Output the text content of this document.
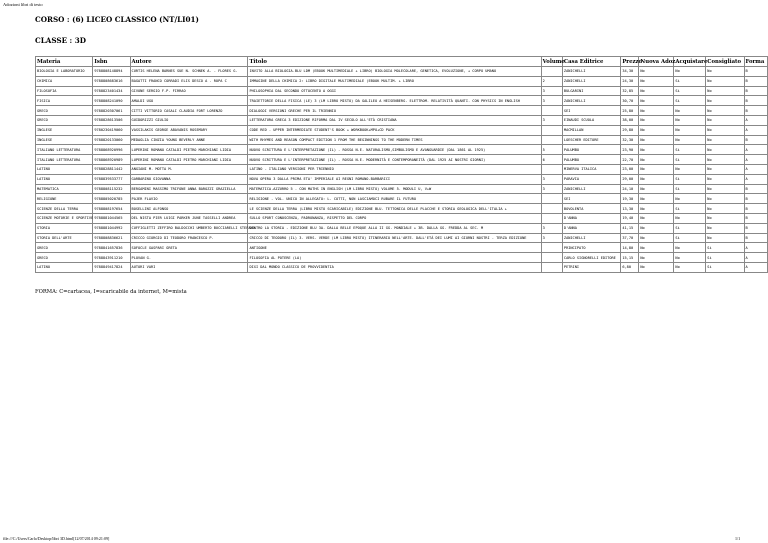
Adozioni libri di testo
CORSO : (6) LICEO CLASSICO (NT/LI01)
CLASSE : 3D
Materia	Isbn	Autore	Titolo	Volume	Casa Editrice	Prezzo	Nuova Adoz.	Acquistare	Consigliato	Forma
BIOLOGIA E LABORATORIO	9788808148894	CURTIS HELENA BARNES SUE N. SCHNEK A. - FLORES G.	INVITO ALLA BIOLOGIA.BLU LDM (EBOOK MULTIMEDIALE + LIBRO) BIOLOGIA MOLECOLARE, GENETICA, EVOLUZIONE, + CORPO UMANO		ZANICHELLI	34,30	No	No	No	B
CHIMICA	9788808683616	BAGATTI FRANCO CORRADI ELIS DESCO A - ROPA C	IMMAGINE DELLA CHIMICA 2: LIBRO DIGITALE MULTIMEDIALE (EBOOK MULTIM. + LIBRO	2	ZANICHELLI	24,30	No	Si	No	B
FILOSOFIA	9788823401434	GIVONE SERGIO F.P. FIRRAO	PHILOSOPHIA DAL SECONDO OTTOCENTO A OGGI	3	BULGARINI	32,85	No	Si	No	B
FISICA	9788808241090	AMALDI UGO	TRAIETTORIE DELLA FISICA (LE) 3 (LM LIBRO MISTO) DA GALILEO A HEISENBERG. ELETTROM. RELATIVITÀ QUANTI. CON PHYSICS IN ENGLISH	3	ZANICHELLI	30,70	No	Si	No	B
GRECO	9788820307061	CITTI VITTORIO CASALI CLAUDIA FORT LORENZO	DIALOGOI VERSIONI GRECHE PER IL TRIENNIO		SEI	25,80	No	No	No	B
GRECO	9788828613506	GUIDORIZZI GIULIO	LETTERATURA GRECA 3 EDIZIONE RIFORMA DAL IV SECOLO ALL'ETÀ CRISTIANA	3	EINAUDI SCUOLA	38,00	No	No	No	A
INGLESE	9780230419060	VASSILAKIS GEORGE ABAVANIS ROSEMARY	CODE RED - UPPER INTERMEDIATE STUDENT'S BOOK + WORKBOOK+MPO+CD PACK		MACMILLAN	29,80	No	No	No	A
INGLESE	9788820133060	MEDAGLIA CINZIA YOUNG BEVERLY ANNE	WITH RHYMES AND REASON COMPACT EDITION 1 FROM THE BEGINNINGS TO THE MODERN TIMES		LOESCHER EDITORE	32,30	No	No	No	B
ITALIANO LETTERATURA	9788868920996	LUPERINI ROMANO CATALDI PIETRO MARCHIANI LIDIA	NUOVO SCRITTURA E L'INTERPRETAZIONE (IL) - ROSSA N.E. NATURALISMO,SIMBOLISMO E AVANGUARDIE (DAL 1861 AL 1925)	5	PALUMBO	23,90	No	Si	No	A
ITALIANO LETTERATURA	9788868920989	LUPERINI ROMANO CATALDI PIETRO MARCHIANI LIDIA	NUOVO SCRITTURA E L'INTERPRETAZIONE (IL) - ROSSA N.E. MODERNITÀ E CONTEMPORANEITÀ (DAL 1925 AI NOSTRI GIORNI)	6	PALUMBO	22,70	No	Si	No	A
LATINO	9788828811442	ANGIANI M. MOTTA M.	LATINO - ITALIANO VERSIONI PER TRIENNIO		MINERVA ITALICA	23,00	No	No	No	A
LATINO	9788839533777	GARBARINO GIOVANNA	NOVA OPERA 3 DALLA PRIMA ETA' IMPERIALE AI REGNI ROMANO-BARBARICI	3	PARAVIA	29,00	No	Si	No	A
MATEMATICA	9788808115232	BERGAMINI MASSIMO TRIFONE ANNA BAROZZI GRAZIELLA	MATEMATICA.AZZURRO 5 - CON MATHS IN ENGLISH (LM LIBRO MISTO) VOLUME 5. MODULI U, V+W	3	ZANICHELLI	24,10	No	Si	No	B
RELIGIONE	9788805020785	PAJER FLAVIO	RELIGIONE - VOL. UNICO IN ALLEGATO: L. COTTI, NON LASCIAMOCI RUBARE IL FUTURO		SEI	19,30	No	No	No	B
SCIENZE DELLA TERRA	9788808197654	BOSELLINI ALFONSO	LE SCIENZE DELLA TERRA (LIBRO MISTO SCARICABILE) EDIZIONE BLU. TETTONICA DELLE PLACCHE E STORIA GEOLOGICA DELL'ITALIA +		BOVOLENTA	13,30	No	Si	No	B
SCIENZE MOTORIE E SPORTIVE	9788881044565	DEL NISTA PIER LUIGI PARKER JUNE TASSELLI ANDREA	SULLO SPORT CONOSCENZA, PADRONANZA, RISPETTO DEL CORPO		D'ANNA	19,40	No	No	No	B
STORIA	9788881044992	CUFFIGLETTI ZEFFIRO BALDOCCHI UMBERTO BUCCIARELLI STEFANO	DENTRO LA STORIA - EDIZIONE BLU 3A. DALLA BELLE EPOQUE ALLA II GG. MONDIALE + 3B. DALLA GG. FREDDA AL SEC. M	3	D'ANNA	41,15	No	Si	No	B
STORIA DELL'ARTE	9788808836621	CRICCO GIORGIO DI TEODORO FRANCESCO P.	CRICCO DI TEODORO (IL) 3. VERS. VERDE (LM LIBRO MISTO) ITINERARIO NELL'ARTE. DALL'ETÀ DEI LUMI AI GIORNI NOSTRI - TERZA EDIZIONE	3	ZANICHELLI	37,70	No	Si	No	B
GRECO	9788841657836	SOFOCLE GASPARI GRETA	ANTIGONE		PRINCIPATO	14,80	No	No	Si	A
GRECO	9788843911210	PLOVAN G.	FILOSOFIA AL POTERE (LA)		CARLO SIGNORELLI EDITORE	15,15	No	No	Si	A
LATINO	9788849417824	AUTORI VARI	DIXI DAL MONDO CLASSICO DE PROVVIDENTIA		PETRINI	6,80	No	No	Si	A
FORMA: C=cartacea, I=scaricabile da internet, M=mista
file:///C:/Users/Carlo/Desktop/libri 3D.html[12/07/2014 09:21:09]	1/1
